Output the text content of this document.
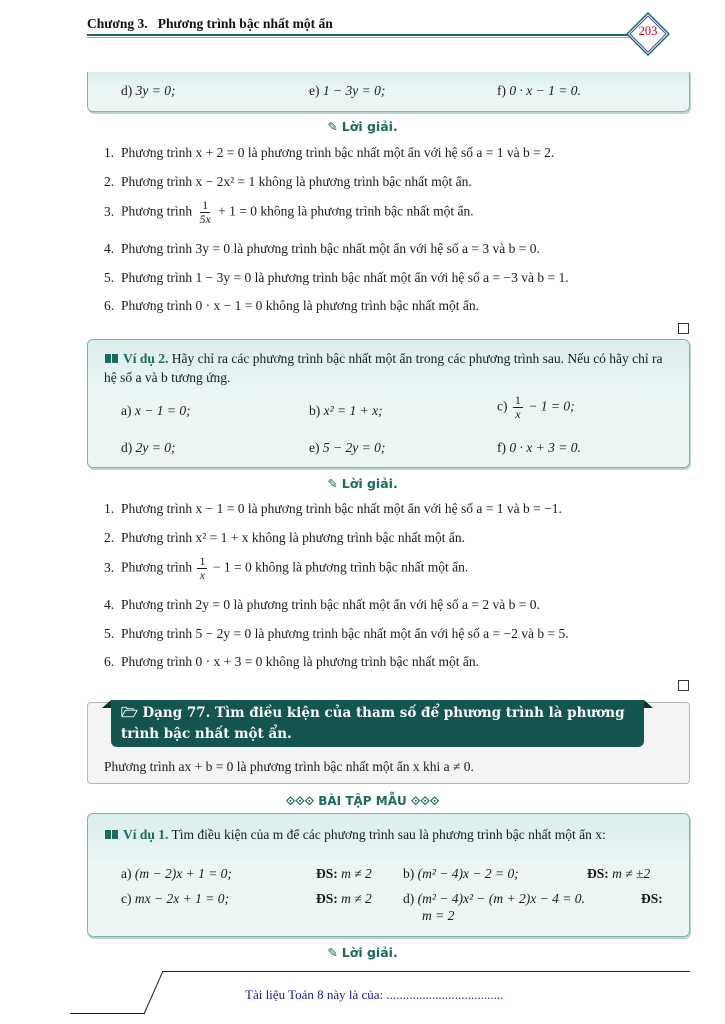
Chương 3. Phương trình bậc nhất một ẩn	203
d) 3y = 0;	e) 1 − 3y = 0;	f) 0 · x − 1 = 0.
✎ Lời giải.
1. Phương trình x + 2 = 0 là phương trình bậc nhất một ẩn với hệ số a = 1 và b = 2.
2. Phương trình x − 2x² = 1 không là phương trình bậc nhất một ẩn.
3. Phương trình $\frac{1}{5x} + 1 = 0$ không là phương trình bậc nhất một ẩn.
4. Phương trình 3y = 0 là phương trình bậc nhất một ẩn với hệ số a = 3 và b = 0.
5. Phương trình 1 − 3y = 0 là phương trình bậc nhất một ẩn với hệ số a = −3 và b = 1.
6. Phương trình 0 · x − 1 = 0 không là phương trình bậc nhất một ẩn.
Ví dụ 2. Hãy chỉ ra các phương trình bậc nhất một ẩn trong các phương trình sau. Nếu có hãy chỉ ra hệ số a và b tương ứng.
a) x − 1 = 0;	b) x² = 1 + x;	$c) \frac{1}{x} - 1 = 0$;
d) 2y = 0;	e) 5 − 2y = 0;	f) 0 · x + 3 = 0.
✎ Lời giải.
1. Phương trình x − 1 = 0 là phương trình bậc nhất một ẩn với hệ số a = 1 và b = −1.
2. Phương trình x² = 1 + x không là phương trình bậc nhất một ẩn.
3. Phương trình $\frac{1}{x} - 1 = 0$ không là phương trình bậc nhất một ẩn.
4. Phương trình 2y = 0 là phương trình bậc nhất một ẩn với hệ số a = 2 và b = 0.
5. Phương trình 5 − 2y = 0 là phương trình bậc nhất một ẩn với hệ số a = −2 và b = 5.
6. Phương trình 0 · x + 3 = 0 không là phương trình bậc nhất một ẩn.
🗁 Dạng 77. Tìm điều kiện của tham số để phương trình là phương trình bậc nhất một ẩn.
Phương trình ax + b = 0 là phương trình bậc nhất một ẩn x khi a ≠ 0.
⟐⟐⟐ BÀI TẬP MẪU ⟐⟐⟐
Ví dụ 1. Tìm điều kiện của m để các phương trình sau là phương trình bậc nhất một ẩn x:
a) (m − 2)x + 1 = 0;	ĐS: m ≠ 2 b) (m² − 4)x − 2 = 0;	ĐS: m ≠ ±2
c) mx − 2x + 1 = 0;	ĐS: m ≠ 2 d) (m² − 4)x² − (m + 2)x − 4 = 0.	ĐS:
m = 2
✎ Lời giải.
Tài liệu Toán 8 này là của: ....................................
